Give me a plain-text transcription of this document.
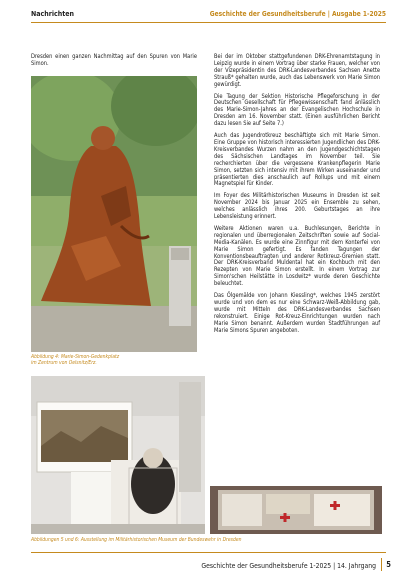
Nachrichten	Geschichte der Gesundheitsberufe | Ausgabe 1-2025

Dresden einen ganzen Nachmittag auf den Spuren von Marie Simon.

Abbildung 4: Marie-Simon-Gedenkplatz
im Zentrum von Oelsnitz/Erz.

Bei der im Oktober stattgefundenen DRK-Ehrenamtstagung in Leipzig wurde in einem Vortrag über starke Frauen, welcher von der Vizepräsidentin des DRK-Landesverbandes Sachsen Anette Strauß* gehalten wurde, auch das Lebenswerk von Marie Simon gewürdigt.

Die Tagung der Sektion Historische Pflegeforschung in der Deutschen Gesellschaft für Pflegewissenschaft fand anlässlich des Marie-Simon-Jahres an der Evangelischen Hochschule in Dresden am 16. November statt. (Einen ausführlichen Bericht dazu lesen Sie auf Seite 7.)

Auch das Jugendrotkreuz beschäftigte sich mit Marie Simon. Eine Gruppe von historisch interessierten Jugendlichen des DRK-Kreisverbandes Wurzen nahm an den Jugendgeschichtstagen des Sächsischen Landtages im November teil. Sie recherchierten über die vergessene Krankenpflegerin Marie Simon, setzten sich intensiv mit ihrem Wirken auseinander und präsentierten dies anschaulich auf Rollups und mit einem Magnetspiel für Kinder.

Im Foyer des Militärhistorischen Museums in Dresden ist seit November 2024 bis Januar 2025 ein Ensemble zu sehen, welches anlässlich ihres 200. Geburtstages an ihre Lebensleistung erinnert.

Weitere Aktionen waren u.a. Buchlesungen, Berichte in regionalen und überregionalen Zeitschriften sowie auf Social-Media-Kanälen. Es wurde eine Zinnfigur mit dem Konterfei von Marie Simon gefertigt. Es fanden Tagungen der Konventionsbeauftragten und anderer Rotkreuz-Gremien statt. Der DRK-Kreisverband Muldental hat ein Kochbuch mit den Rezepten von Marie Simon erstellt. In einem Vortrag zur Simon'schen Heilstätte in Losdwitz* wurde deren Geschichte beleuchtet.

Das Ölgemälde von Johann Kiessling*, welches 1945 zerstört wurde und von dem es nur eine Schwarz-Weiß-Abbildung gab, wurde mit Mitteln des DRK-Landesverbandes Sachsen rekonstruiert. Einige Rot-Kreuz-Einrichtungen wurden nach Marie Simon benannt. Außerdem wurden Stadtführungen auf Marie Simons Spuren angeboten.

Abbildungen 5 und 6: Ausstellung im Militärhistorischen Museum der Bundeswehr in Dresden
Geschichte der Gesundheitsberufe 1-2025 | 14. Jahrgang 5
